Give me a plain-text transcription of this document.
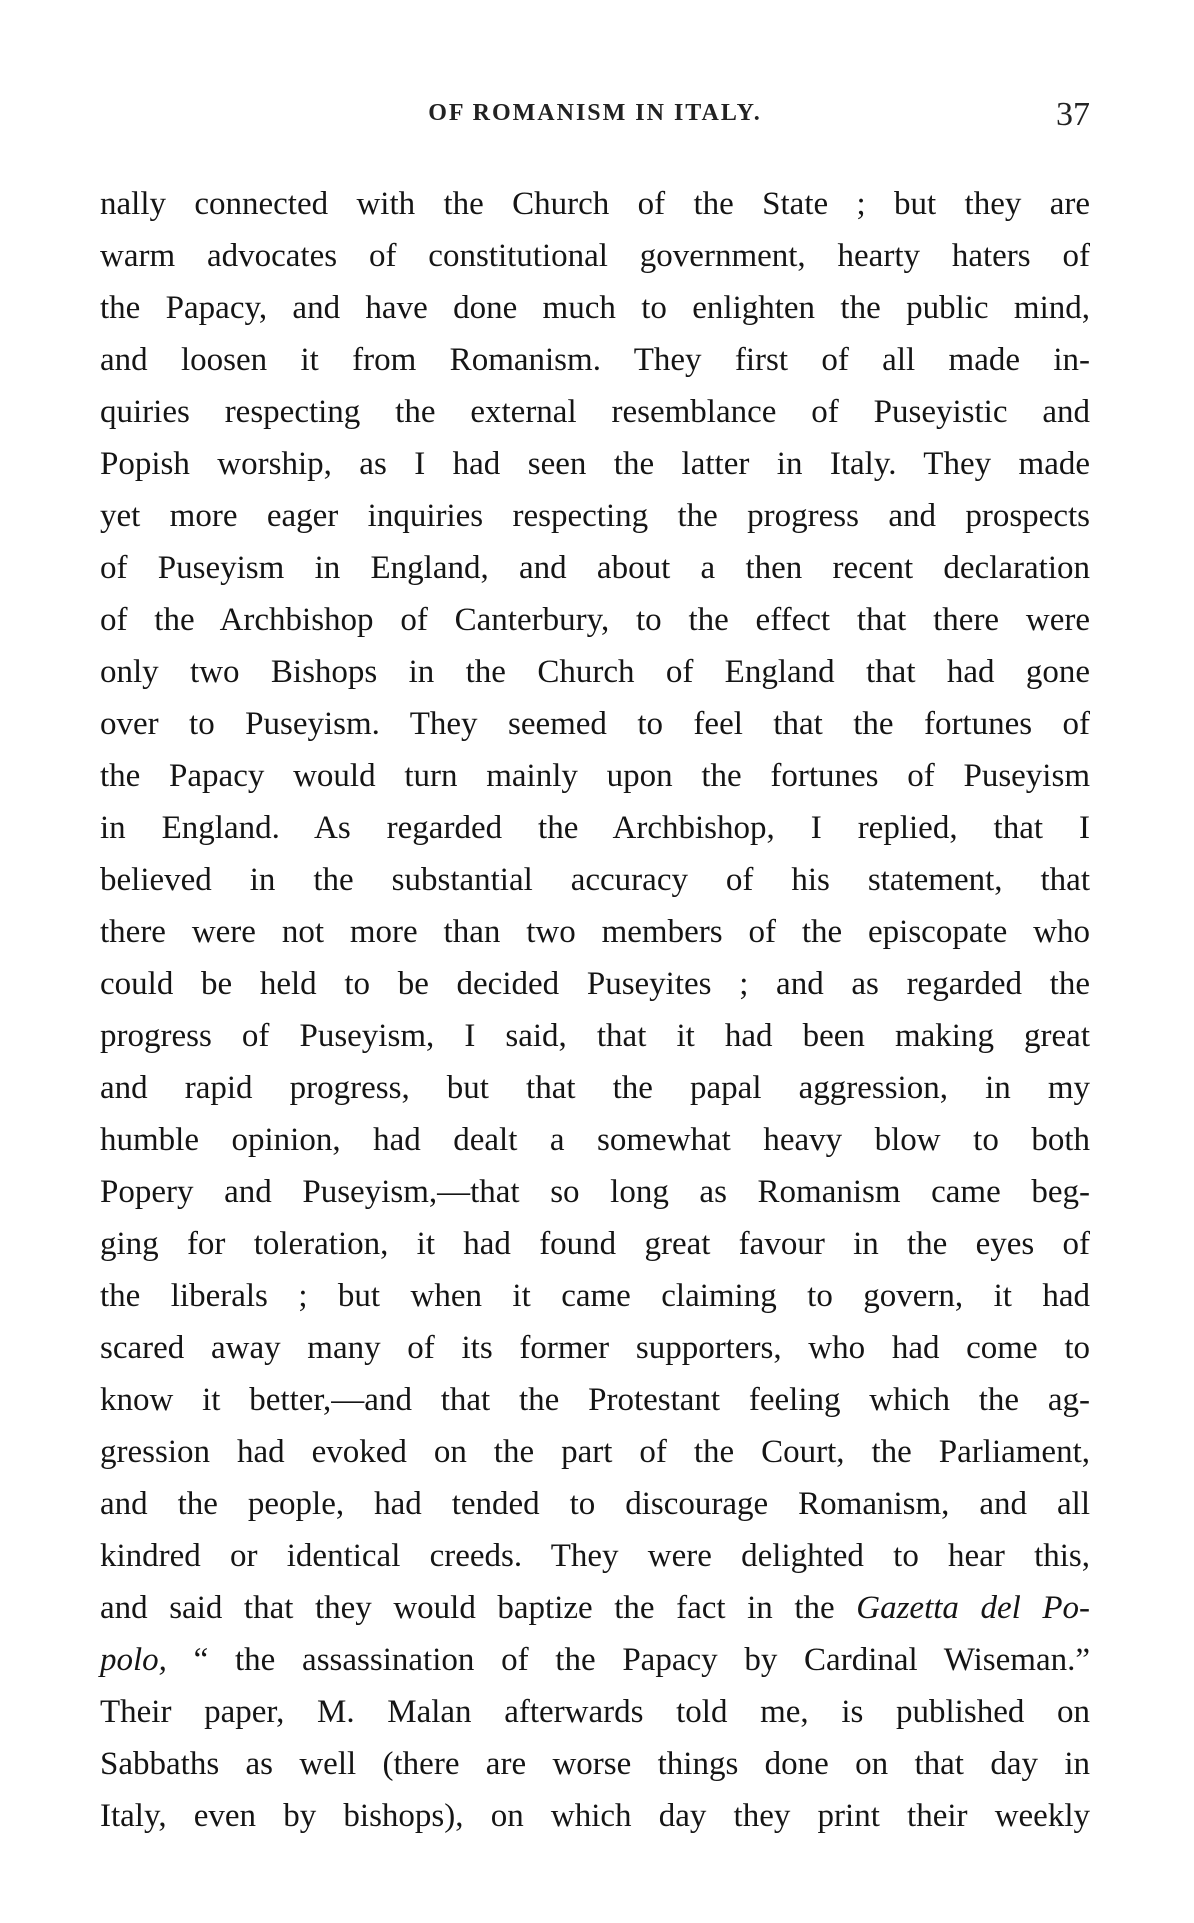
OF ROMANISM IN ITALY.	37
nally connected with the Church of the State ; but they are
warm advocates of constitutional government, hearty haters of
the Papacy, and have done much to enlighten the public mind,
and loosen it from Romanism. They first of all made in-
quiries respecting the external resemblance of Puseyistic and
Popish worship, as I had seen the latter in Italy. They made
yet more eager inquiries respecting the progress and prospects
of Puseyism in England, and about a then recent declaration
of the Archbishop of Canterbury, to the effect that there were
only two Bishops in the Church of England that had gone
over to Puseyism. They seemed to feel that the fortunes of
the Papacy would turn mainly upon the fortunes of Puseyism
in England. As regarded the Archbishop, I replied, that I
believed in the substantial accuracy of his statement, that
there were not more than two members of the episcopate who
could be held to be decided Puseyites ; and as regarded the
progress of Puseyism, I said, that it had been making great
and rapid progress, but that the papal aggression, in my
humble opinion, had dealt a somewhat heavy blow to both
Popery and Puseyism,—that so long as Romanism came beg-
ging for toleration, it had found great favour in the eyes of
the liberals ; but when it came claiming to govern, it had
scared away many of its former supporters, who had come to
know it better,—and that the Protestant feeling which the ag-
gression had evoked on the part of the Court, the Parliament,
and the people, had tended to discourage Romanism, and all
kindred or identical creeds. They were delighted to hear this,
and said that they would baptize the fact in the Gazetta del Po-
polo, “ the assassination of the Papacy by Cardinal Wiseman.”
Their paper, M. Malan afterwards told me, is published on
Sabbaths as well (there are worse things done on that day in
Italy, even by bishops), on which day they print their weekly
